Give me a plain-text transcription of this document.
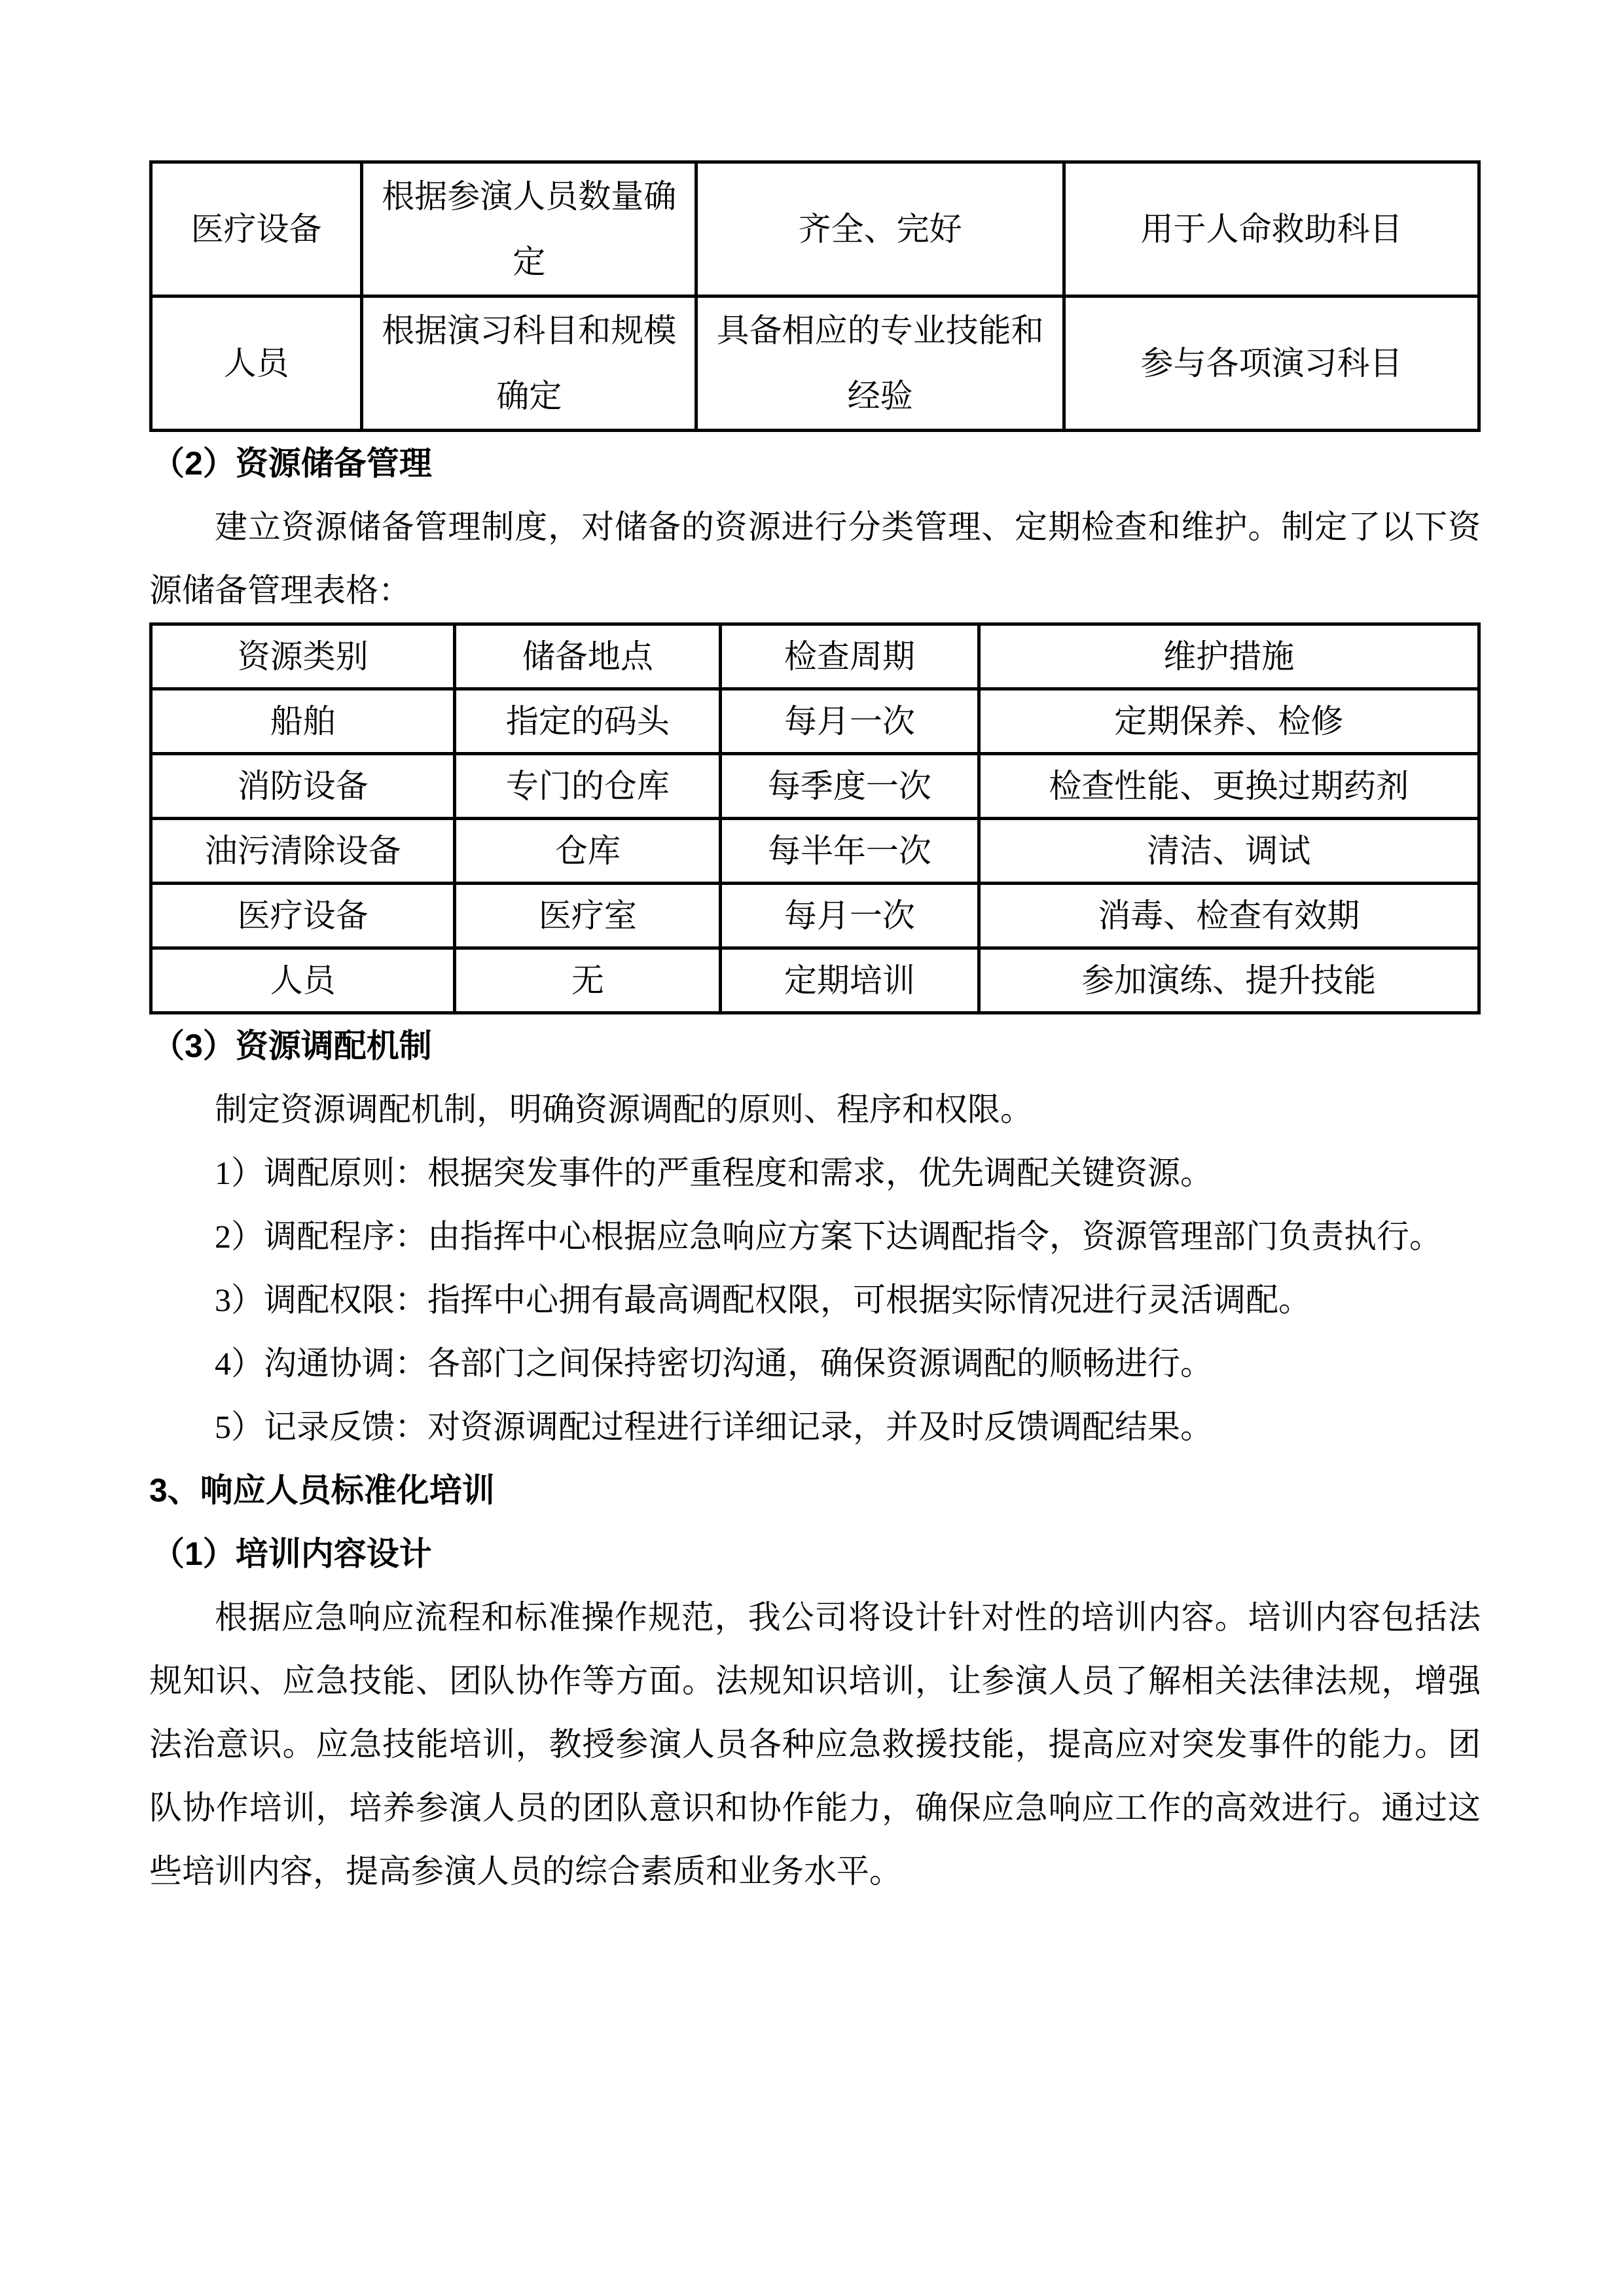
医疗设备	根据参演人员数量确定	齐全、完好	用于人命救助科目
人员	根据演习科目和规模确定	具备相应的专业技能和经验	参与各项演习科目
（2）资源储备管理

建立资源储备管理制度，对储备的资源进行分类管理、定期检查和维护。制定了以下资源储备管理表格：

资源类别	储备地点	检查周期	维护措施
船舶	指定的码头	每月一次	定期保养、检修
消防设备	专门的仓库	每季度一次	检查性能、更换过期药剂
油污清除设备	仓库	每半年一次	清洁、调试
医疗设备	医疗室	每月一次	消毒、检查有效期
人员	无	定期培训	参加演练、提升技能
（3）资源调配机制

制定资源调配机制，明确资源调配的原则、程序和权限。

1）调配原则：根据突发事件的严重程度和需求，优先调配关键资源。

2）调配程序：由指挥中心根据应急响应方案下达调配指令，资源管理部门负责执行。

3）调配权限：指挥中心拥有最高调配权限，可根据实际情况进行灵活调配。

4）沟通协调：各部门之间保持密切沟通，确保资源调配的顺畅进行。

5）记录反馈：对资源调配过程进行详细记录，并及时反馈调配结果。

3、响应人员标准化培训
（1）培训内容设计

根据应急响应流程和标准操作规范，我公司将设计针对性的培训内容。培训内容包括法规知识、应急技能、团队协作等方面。法规知识培训，让参演人员了解相关法律法规，增强法治意识。应急技能培训，教授参演人员各种应急救援技能，提高应对突发事件的能力。团队协作培训，培养参演人员的团队意识和协作能力，确保应急响应工作的高效进行。通过这些培训内容，提高参演人员的综合素质和业务水平。
